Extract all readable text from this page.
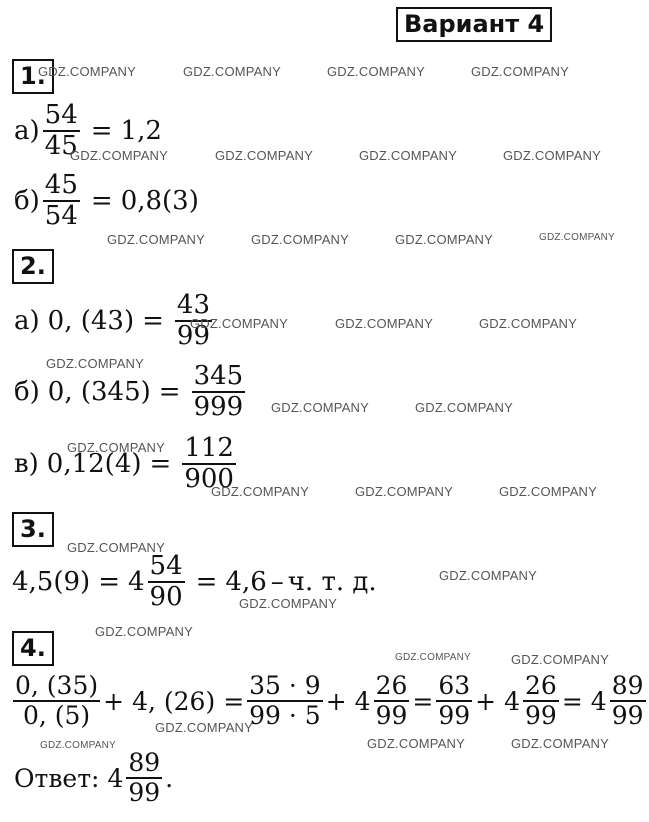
Вариант 4
1.
$а) \frac{54}{45} = 1,2$
$б) \frac{45}{54} = 0,8(3)$
2.
а) 0, $(43) = \frac{43}{99}$
б) 0, $(345) = \frac{345}{999}$
в) $0,12(4) = \frac{112}{900}$
3.
$4,5(9) = 4 \frac{54}{90} = 4,6 - ч$. т. д.
4.
$\frac{0, (35)}{0, (5)} + 4$, $(26) = \frac{35 \cdot 9}{99 \cdot 5} + 4 \frac{26}{99} = \frac{63}{99} + 4 \frac{26}{99} = 4 \frac{89}{99}$
Ответ: $4 \frac{89}{99}$ .
GDZ.COMPANY	GDZ.COMPANY	GDZ.COMPANY	GDZ.COMPANY
GDZ.COMPANY	GDZ.COMPANY	GDZ.COMPANY	GDZ.COMPANY
GDZ.COMPANY	GDZ.COMPANY	GDZ.COMPANY	GDZ.COMPANY
GDZ.COMPANY	GDZ.COMPANY	GDZ.COMPANY
GDZ.COMPANY
GDZ.COMPANY	GDZ.COMPANY
GDZ.COMPANY
GDZ.COMPANY	GDZ.COMPANY	GDZ.COMPANY
GDZ.COMPANY
GDZ.COMPANY
GDZ.COMPANY
GDZ.COMPANY
GDZ.COMPANY	GDZ.COMPANY
GDZ.COMPANY
GDZ.COMPANY	GDZ.COMPANY	GDZ.COMPANY
